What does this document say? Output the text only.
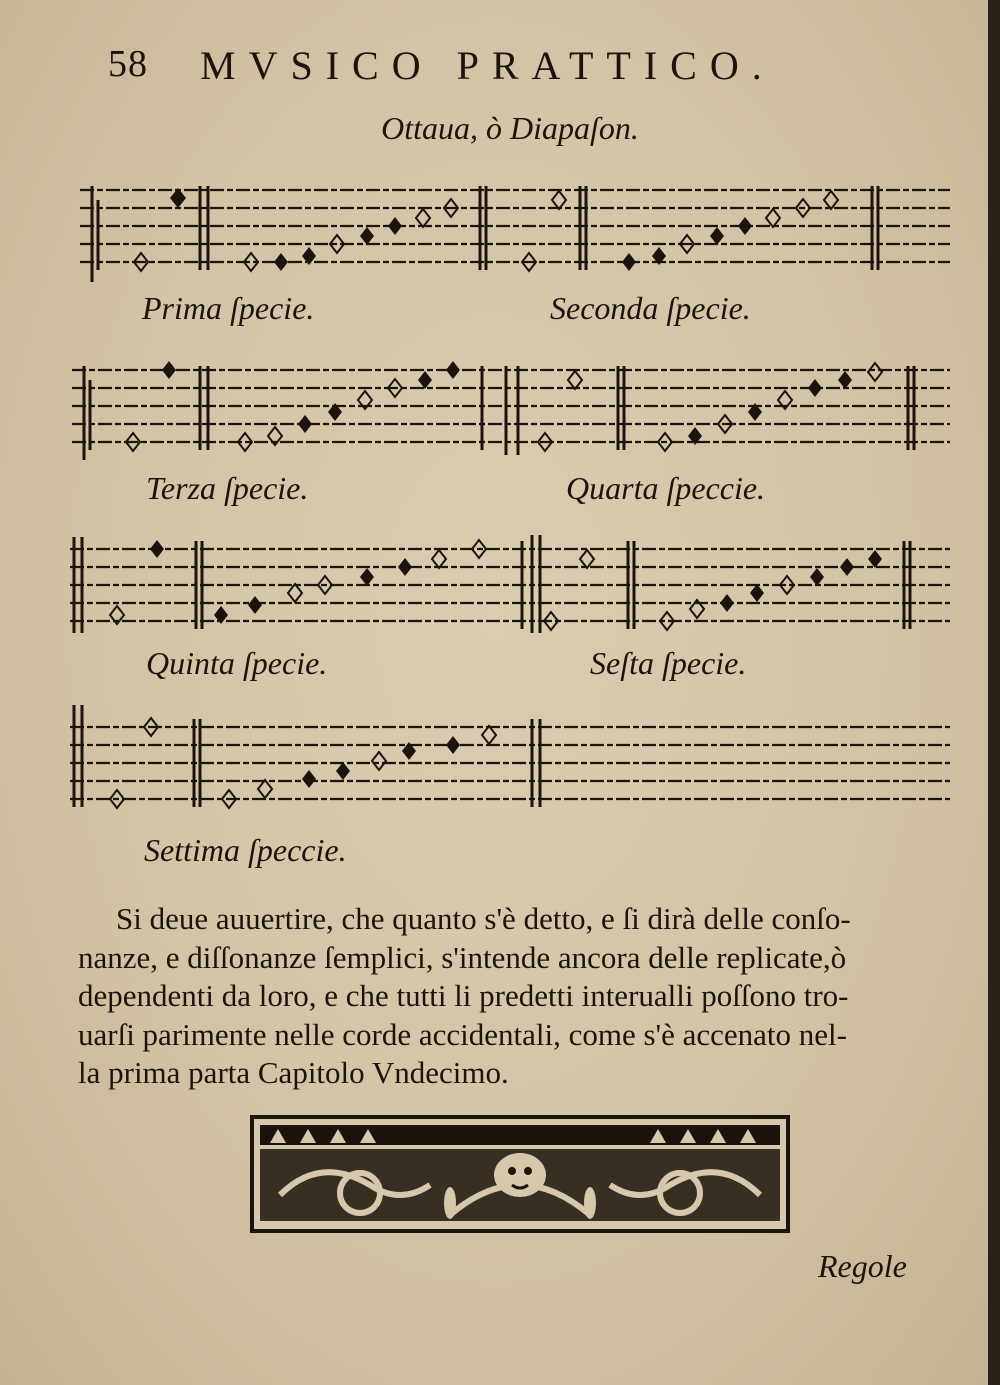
58 MVSICO PRATTICO.
Ottaua, ò Diapaſon.
Prima ſpecie.	Seconda ſpecie.
Terza ſpecie.	Quarta ſpeccie.
Quinta ſpecie.	Seſta ſpecie.
Settima ſpeccie.
Si deue auuertire, che quanto s'è detto, e ſi dirà delle conſo-
nanze, e diſſonanze ſemplici, s'intende ancora delle replicate,ò
dependenti da loro, e che tutti li predetti interualli poſſono tro-
uarſi parimente nelle corde accidentali, come s'è accenato nel-
la prima parta Capitolo Vndecimo.
Regole
